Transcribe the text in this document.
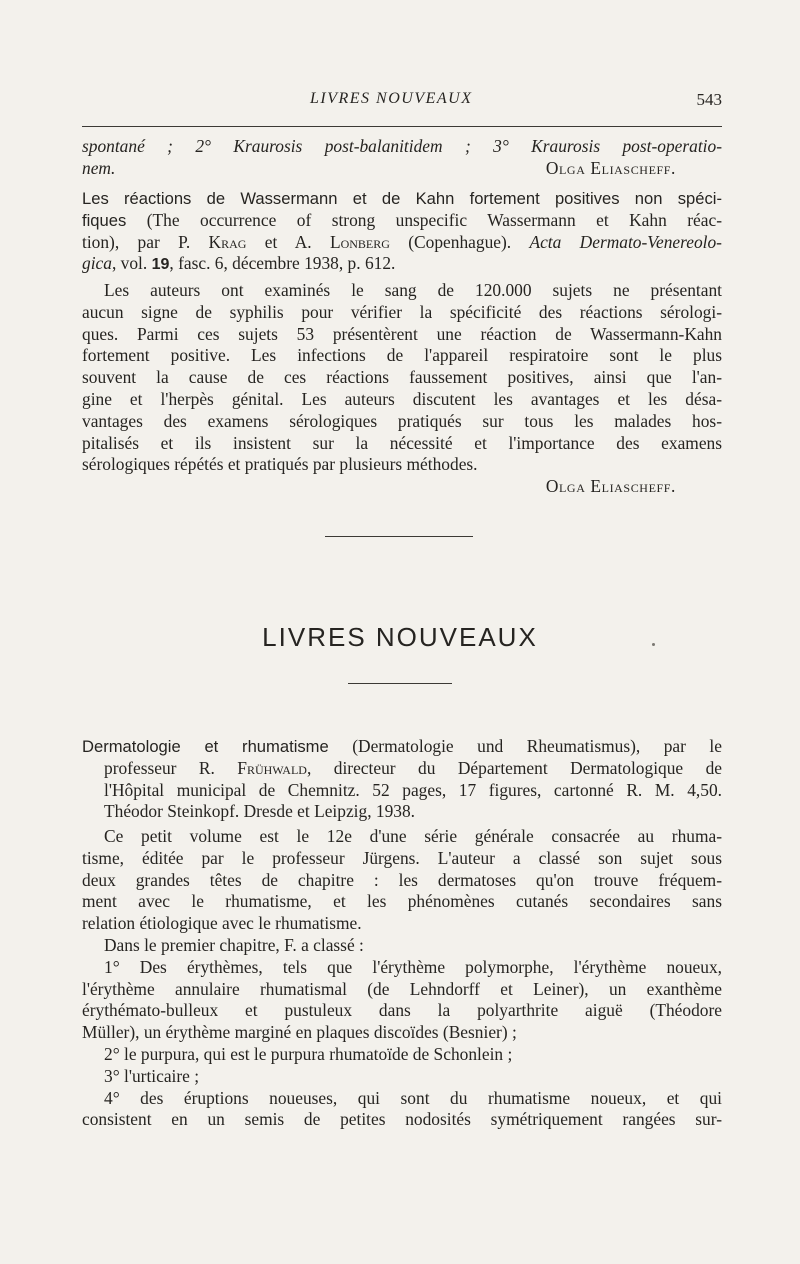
LIVRES NOUVEAUX	543
spontané ; 2° Kraurosis post-balanitidem ; 3° Kraurosis post-operatio-
nem.	Olga Eliascheff.
Les réactions de Wassermann et de Kahn fortement positives non spéci-
fiques (The occurrence of strong unspecific Wassermann et Kahn réac-
tion), par P. Krag et A. Lonberg (Copenhague). Acta Dermato-Venereolo-
gica, vol. 19, fasc. 6, décembre 1938, p. 612.
Les auteurs ont examinés le sang de 120.000 sujets ne présentant
aucun signe de syphilis pour vérifier la spécificité des réactions sérologi-
ques. Parmi ces sujets 53 présentèrent une réaction de Wassermann-Kahn
fortement positive. Les infections de l'appareil respiratoire sont le plus
souvent la cause de ces réactions faussement positives, ainsi que l'an-
gine et l'herpès génital. Les auteurs discutent les avantages et les désa-
vantages des examens sérologiques pratiqués sur tous les malades hos-
pitalisés et ils insistent sur la nécessité et l'importance des examens
sérologiques répétés et pratiqués par plusieurs méthodes.
Olga Eliascheff.
LIVRES NOUVEAUX
Dermatologie et rhumatisme (Dermatologie und Rheumatismus), par le
professeur R. Frühwald, directeur du Département Dermatologique de
l'Hôpital municipal de Chemnitz. 52 pages, 17 figures, cartonné R. M. 4,50.
Théodor Steinkopf. Dresde et Leipzig, 1938.
Ce petit volume est le 12e d'une série générale consacrée au rhuma-
tisme, éditée par le professeur Jürgens. L'auteur a classé son sujet sous
deux grandes têtes de chapitre : les dermatoses qu'on trouve fréquem-
ment avec le rhumatisme, et les phénomènes cutanés secondaires sans
relation étiologique avec le rhumatisme.
Dans le premier chapitre, F. a classé :
1° Des érythèmes, tels que l'érythème polymorphe, l'érythème noueux,
l'érythème annulaire rhumatismal (de Lehndorff et Leiner), un exanthème
érythémato-bulleux et pustuleux dans la polyarthrite aiguë (Théodore
Müller), un érythème marginé en plaques discoïdes (Besnier) ;
2° le purpura, qui est le purpura rhumatoïde de Schonlein ;
3° l'urticaire ;
4° des éruptions noueuses, qui sont du rhumatisme noueux, et qui
consistent en un semis de petites nodosités symétriquement rangées sur-
